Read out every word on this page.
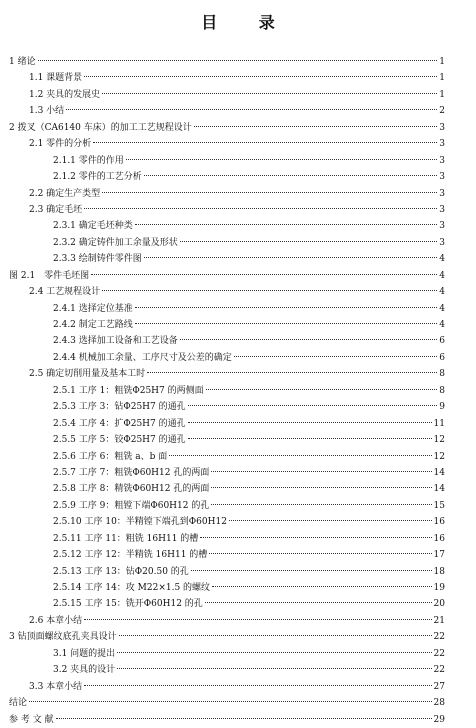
目 录
1 绪论	1
1.1 课题背景	1
1.2 夹具的发展史	1
1.3 小结	2
2 拨叉（CA6140 车床）的加工工艺规程设计	3
2.1 零件的分析	3
2.1.1 零件的作用	3
2.1.2 零件的工艺分析	3
2.2 确定生产类型	3
2.3 确定毛坯	3
2.3.1 确定毛坯种类	3
2.3.2 确定铸件加工余量及形状	3
2.3.3 绘制铸件零件图	4
图 2.1　零件毛坯图	4
2.4 工艺规程设计	4
2.4.1 选择定位基准	4
2.4.2 制定工艺路线	4
2.4.3 选择加工设备和工艺设备	6
2.4.4 机械加工余量、工序尺寸及公差的确定	6
2.5 确定切削用量及基本工时	8
2.5.1 工序 1：粗铣Φ25H7 的两侧面	8
2.5.3 工序 3：钻Φ25H7 的通孔	9
2.5.4 工序 4：扩Φ25H7 的通孔	11
2.5.5 工序 5：铰Φ25H7 的通孔	12
2.5.6 工序 6：粗铣 a、b 面	12
2.5.7 工序 7：粗铣Φ60H12 孔的两面	14
2.5.8 工序 8：精铣Φ60H12 孔的两面	14
2.5.9 工序 9：粗镗下端Φ60H12 的孔	15
2.5.10 工序 10：半精镗下端孔到Φ60H12	16
2.5.11 工序 11：粗铣 16H11 的槽	16
2.5.12 工序 12：半精铣 16H11 的槽	17
2.5.13 工序 13：钻Φ20.50 的孔	18
2.5.14 工序 14：攻 M22×1.5 的螺纹	19
2.5.15 工序 15：铣开Φ60H12 的孔	20
2.6 本章小结	21
3 钻顶面螺纹底孔夹具设计	22
3.1 问题的提出	22
3.2 夹具的设计	22
3.3 本章小结	27
结论	28
参 考 文 献	29
